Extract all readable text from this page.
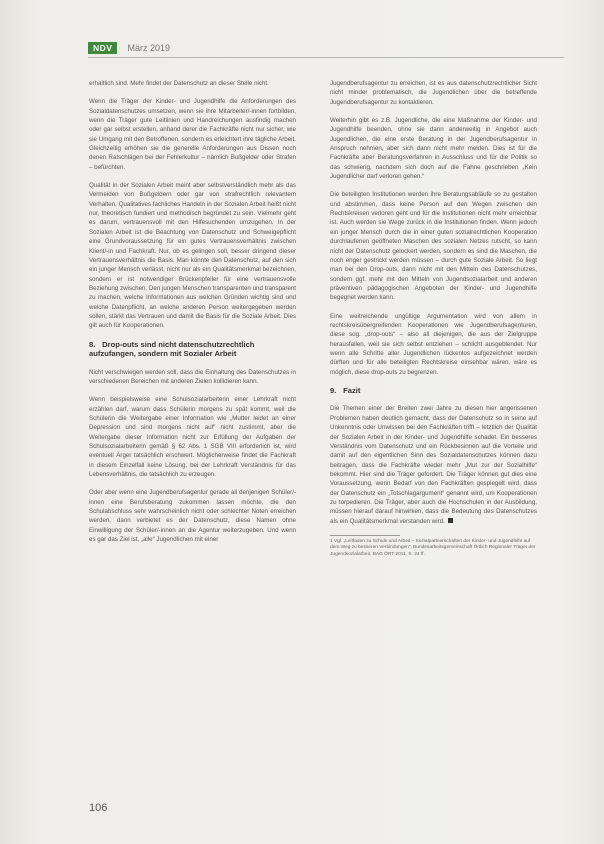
NDV	März 2019

erhaltlich sind. Mehr findet der Datenschutz an dieser Stelle nicht.

Wenn die Träger der Kinder- und Jugendhilfe die Anforderungen des Sozialdatenschutzes umsetzen, wenn sie ihre Mitarbeiter/-innen fortbilden, wenn die Träger gute Leitlinien und Handreichungen ausfindig machen oder gar selbst erstellen, anhand derer die Fachkräfte nicht nur sicher, wie sie Umgang mit den Betroffenen, sondern es erleichtert ihre tägliche Arbeit. Gleichzeitig erhöhen sie die generelle Anforderungen aus Dissen noch denen Ratschlägen bei der Fehlerkultur – nämlich Bußgelder oder Strafen – befürchten.

Qualität in der Sozialen Arbeit meint aber selbstverständlich mehr als das Vermeiden von Bußgeldern oder gar von strafrechtlich relevantem Verhalten. Qualitatives fachliches Handeln in der Sozialen Arbeit heißt nicht nur, theoretisch fundiert und methodisch begründet zu sein. Vielmehr geht es darum, vertrauensvoll mit den Hilfesuchenden umzugehen. In der Sozialen Arbeit ist die Beachtung von Datenschutz und Schweigepflicht eine Grundvoraussetzung für ein gutes Vertrauensverhältnis zwischen Klient/-in und Fachkraft. Nur, ob es gelingen soll, besser dringend dieser Vertrauensverhältnis die Basis. Man könnte den Datenschutz, auf den sich ein junger Mensch verlässt, nicht nur als ein Qualitätsmerkmal bezeichnen, sondern er ist notwendiger Brückenpfeiler für eine vertrauensvolle Beziehung zwischen. Den jungen Menschen transparenten und transparent zu machen, welche Informationen aus welchen Gründen wichtig sind und welche Datenpflicht, an welche anderen Person weitergegeben werden sollen, stärkt das Vertrauen und damit die Basis für die Soziale Arbeit. Dies gilt auch für Kooperationen.

8. Drop-outs sind nicht datenschutzrechtlich aufzufangen, sondern mit Sozialer Arbeit

Nicht verschwiegen werden soll, dass die Einhaltung des Datenschutzes in verschiedenen Bereichen mit anderen Zielen kollidieren kann.

Wenn beispielsweise eine Schulsozialarbeiterin einer Lehrkraft nicht erzählen darf, warum dass Schülerin morgens zu spät kommt, weil die Schülerin die Weitergabe einer Information wie „Mutter leidet an einer Depression und sind morgens nicht auf“ nicht zustimmt, aber die Weitergabe dieser Information nicht zur Erfüllung der Aufgaben der Schulsozialarbeiterin gemäß § 62 Abs. 1 SGB VIII erforderlich ist, wird eventuell Ärger tatsächlich erschwert. Möglicherweise findet die Fachkraft in diesem Einzelfall keine Lösung, bei der Lehrkraft Verständnis für das Lebensverhältnis, die tatsächlich zu erzeugen.

Oder aber wenn eine Jugendberufsagentur gerade all denjenigen Schüler/-innen eine Berufsberatung zukommen lassen möchte, die den Schulabschluss sehr wahrscheinlich nicht oder schlechter Noten erreichen werden, dann verbietet es der Datenschutz, diese Namen ohne Einwilligung der Schüler/-innen an die Agentur weiterzugeben. Und wenn es gar das Ziel ist, „alle“ Jugendlichen mit einer

Jugendberufsagentur zu erreichen, ist es aus datenschutzrechtlicher Sicht nicht minder problematisch, die Jugendlichen über die betreffende Jugendberufsagentur zu kontaktieren.

Weiterhin gibt es z.B. Jugendliche, die eine Maßnahme der Kinder- und Jugendhilfe beenden, ohne sie dann anderweitig in Angebot auch Jugendlichen, die eine erste Beratung in der Jugendberufsagentur in Anspruch nehmen, aber sich dann nicht mehr melden. Dies ist für die Fachkräfte aber Beratungsverfahren in Ausschluss und für die Politik so das schwierig, nachdem sich doch auf die Fahne geschrieben „Kein Jugendlicher darf verloren gehen.“

Die beteiligten Institutionen werden ihre Beratungsabläufe so zu gestalten und abstimmen, dass keine Person auf den Wegen zwischen den Rechtskreisen verloren geht und für die Institutionen nicht mehr erreichbar ist. Auch werden sie Wege zurück in die Institutionen finden. Wenn jedoch ein junger Mensch durch die in einer guten sozialrechtlichen Kooperation durchlaufenen geöffneten Maschen des sozialen Netzes rutscht, so kann nicht der Datenschutz gelockert werden, sondern es sind die Maschen, die noch enger gestrickt werden müssen – durch gute Soziale Arbeit. So liegt man bei den Drop-outs, dann nicht mit den Mitteln des Datenschutzes, sondern ggf. mehr mit den Mitteln von Jugendsozialarbeit und anderen präventiven pädagogischen Angeboten der Kinder- und Jugendhilfe begegnet werden kann.

Eine weitreichende ungültige Argumentation wird von allem in rechtskreisübergreifenden Kooperationen wie Jugendberufsagenturen, diese sog. „drop-outs“ – also all diejenigen, die aus der Zielgruppe herausfallen, weil sie sich selbst entziehen – schlicht ausgeblendet. Nur wenn alle Schritte aller Jugendlichen lückenlos aufgezeichnet werden dürften und für alle beteiligten Rechtskreise einsehbar wären, wäre es möglich, diese drop-outs zu begrenzen.

9. Fazit

Die Themen einer der Breiten zwei Jahre zu diesen hier angerissenen Problemen haben deutlich gemacht, dass der Datenschutz so in seine auf Unkenntnis oder Unwissen bei den Fachkräften trifft – letztlich der Qualität der Sozialen Arbeit in der Kinder- und Jugendhilfe schadet. Ein besseres Verständnis vom Datenschutz und ein Rückbesinnen auf die Vorteile und damit auf den eigentlichen Sinn des Sozialdatenschutzes können dazu beitragen, dass die Fachkräfte wieder mehr „Mut zur der Sozialhilfe“ bekommt. Hier sind die Träger gefordert. Die Träger können gut dies eine Voraussetzung, wenn Bedarf von den Fachkräften gespiegelt wird, dass der Datenschutz ein „Totschlagargument“ genannt wird, um Kooperationen zu torpedieren. Die Träger, aber auch die Hochschulen in der Ausbildung, müssen hierauf darauf hinwirken, dass die Bedeutung des Datenschutzes als ein Qualitätsmerkmal verstanden wird.

1 Vgl. „Leitfaden zu Schule und Arbeit – Sozialpartnerschaften der Kinder- und Jugendhilfe auf dem Weg zu besseren Verbindungen“, Bundesarbeitsgemeinschaft Örtlich Regionaler Träger der Jugendsozialarbeit, BAG ÖRT 2011, S. 24 ff.
106
